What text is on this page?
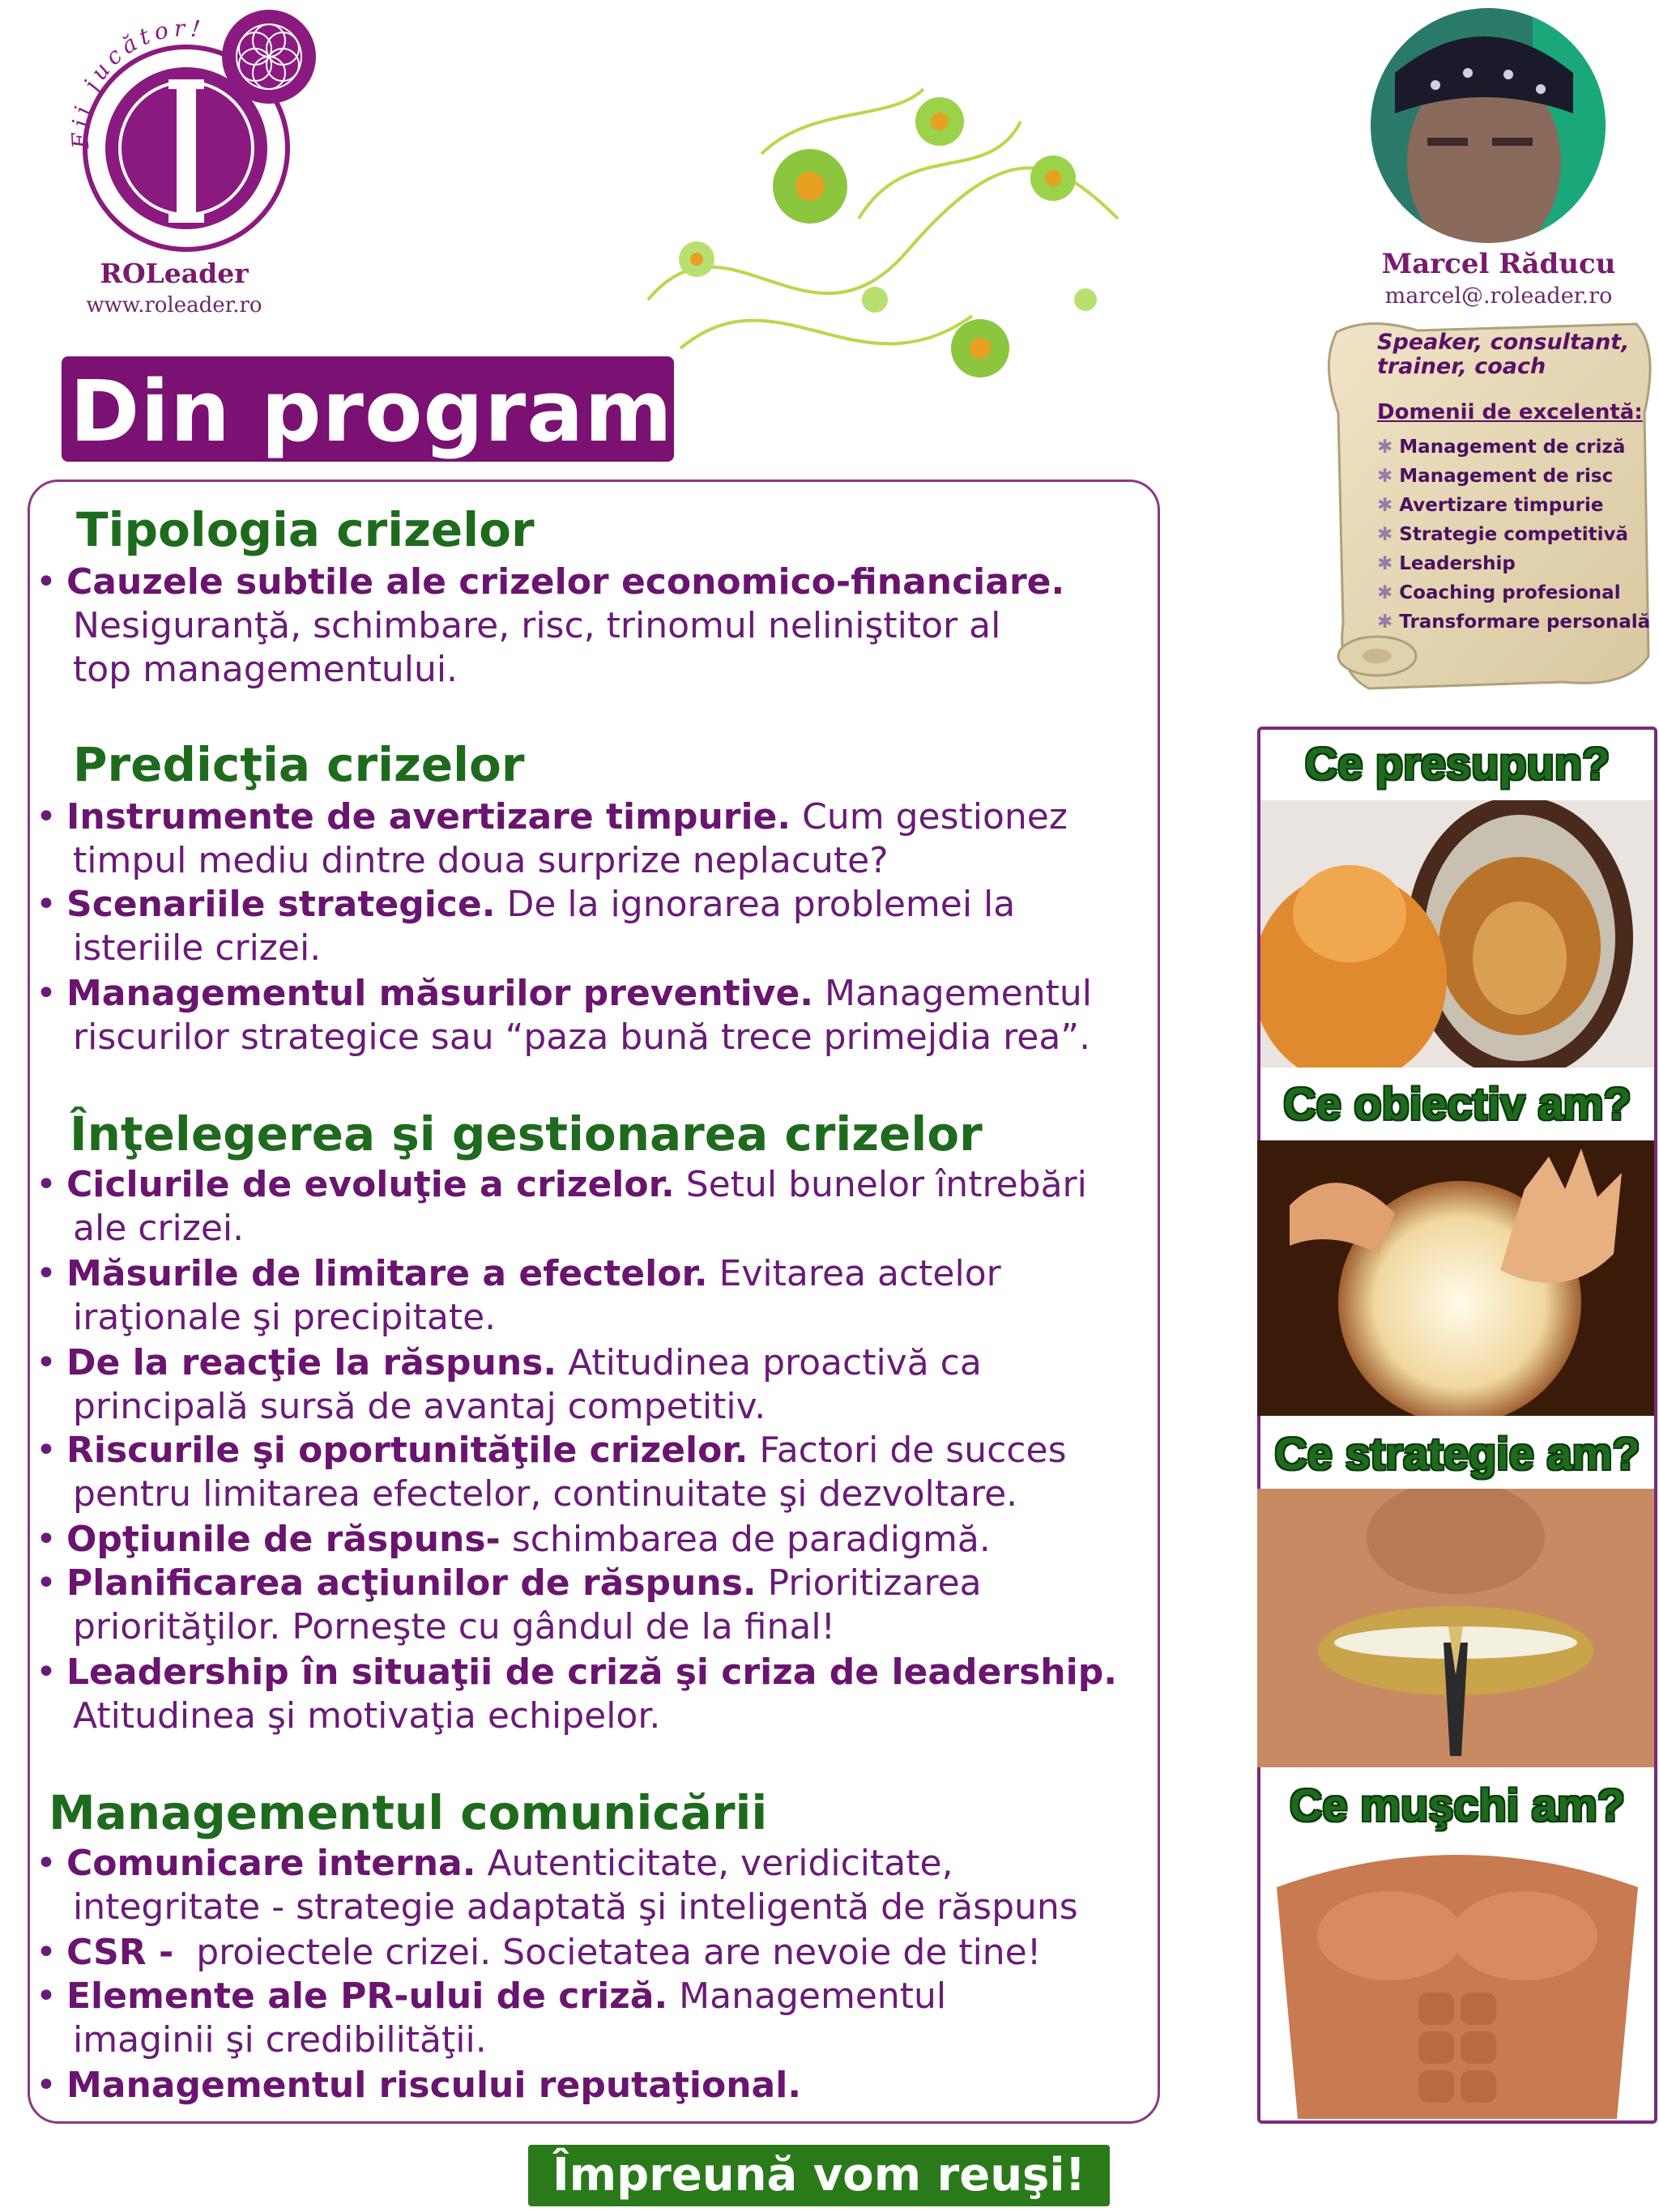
Fii jucător!
ROLeader
www.roleader.ro
Din program
Tipologia crizelor
• Cauzele subtile ale crizelor economico-financiare.
Nesiguranţă, schimbare, risc, trinomul neliniştitor al
top managementului.
Predicţia crizelor
• Instrumente de avertizare timpurie. Cum gestionez
timpul mediu dintre doua surprize neplacute?
• Scenariile strategice. De la ignorarea problemei la
isteriile crizei.
• Managementul măsurilor preventive. Managementul
riscurilor strategice sau “paza bună trece primejdia rea”.
Înţelegerea şi gestionarea crizelor
• Ciclurile de evoluţie a crizelor. Setul bunelor întrebări
ale crizei.
• Măsurile de limitare a efectelor. Evitarea actelor
iraţionale şi precipitate.
• De la reacţie la răspuns. Atitudinea proactivă ca
principală sursă de avantaj competitiv.
• Riscurile şi oportunităţile crizelor. Factori de succes
pentru limitarea efectelor, continuitate şi dezvoltare.
• Opţiunile de răspuns- schimbarea de paradigmă.
• Planificarea acţiunilor de răspuns. Prioritizarea
priorităţilor. Porneşte cu gândul de la final!
• Leadership în situaţii de criză şi criza de leadership.
Atitudinea şi motivaţia echipelor.
Managementul comunicării
• Comunicare interna. Autenticitate, veridicitate,
integritate - strategie adaptată şi inteligentă de răspuns
• CSR -  proiectele crizei. Societatea are nevoie de tine!
• Elemente ale PR-ului de criză. Managementul
imaginii şi credibilităţii.
• Managementul riscului reputaţional.
Marcel Răducu
marcel@.roleader.ro
Speaker, consultant,
trainer, coach
Domenii de excelentă:
✱ Management de criză
✱ Management de risc
✱ Avertizare timpurie
✱ Strategie competitivă
✱ Leadership
✱ Coaching profesional
✱ Transformare personală
Ce presupun?
Ce obiectiv am?
Ce strategie am?
Ce muşchi am?
Împreună vom reuşi!
